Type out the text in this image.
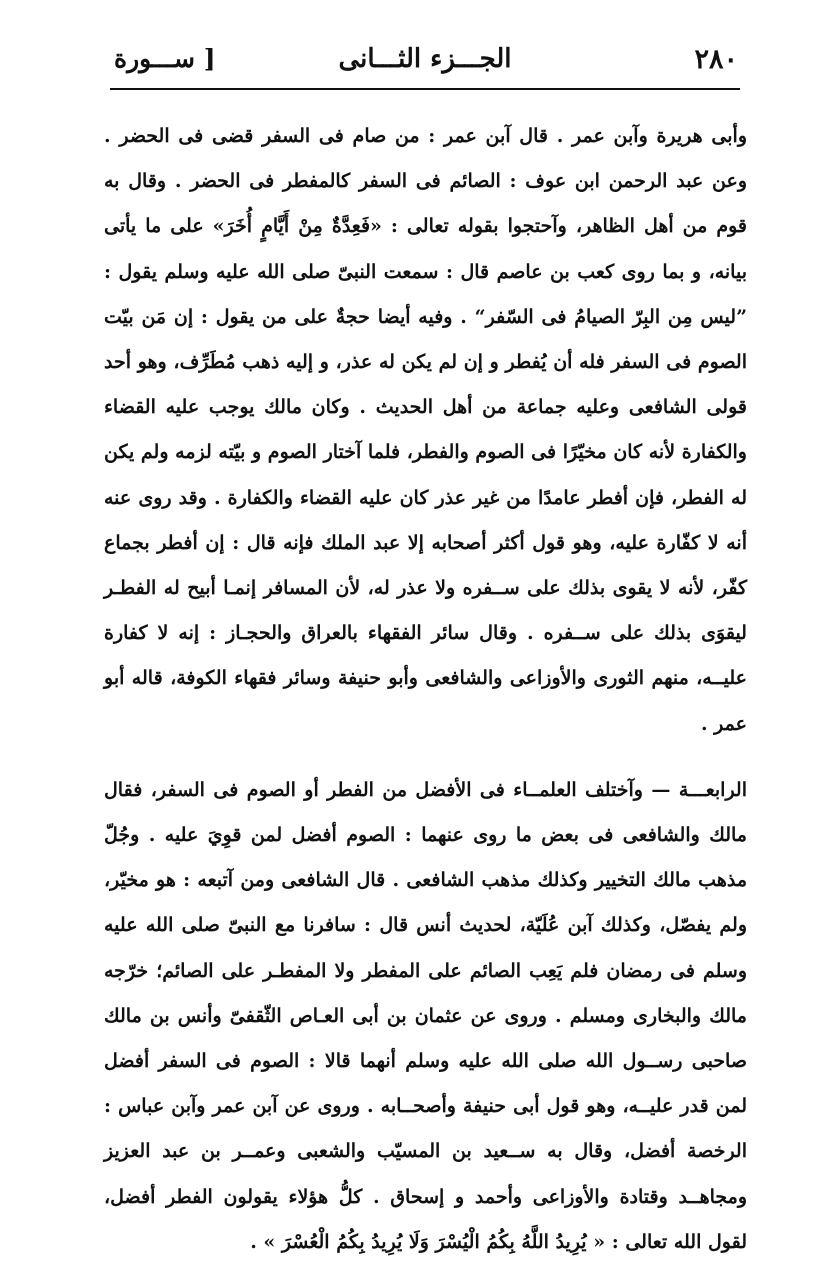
٢٨٠
الجـــزء الثـــانى
[ ســـورة

وأبى هريرة وآبن عمر . قال آبن عمر : من صام فى السفر قضى فى الحضر . وعن عبد الرحمن ابن عوف : الصائم فى السفر كالمفطر فى الحضر . وقال به قوم من أهل الظاهر، وآحتجوا بقوله تعالى : «فَعِدَّةٌ مِنْ أَيَّامٍ أُخَرَ» على ما يأتى بيانه، و بما روى كعب بن عاصم قال : سمعت النبىّ صلى الله عليه وسلم يقول : ”ليس مِن البِرّ الصيامُ فى السّفر“ . وفيه أيضا حجةٌ على من يقول : إن مَن بيّت الصوم فى السفر فله أن يُفطر و إن لم يكن له عذر، و إليه ذهب مُطَرِّف، وهو أحد قولى الشافعى وعليه جماعة من أهل الحديث . وكان مالك يوجب عليه القضاء والكفارة لأنه كان مخيّرًا فى الصوم والفطر، فلما آختار الصوم و بيّته لزمه ولم يكن له الفطر، فإن أفطر عامدًا من غير عذر كان عليه القضاء والكفارة . وقد روى عنه أنه لا كفّارة عليه، وهو قول أكثر أصحابه إلا عبد الملك فإنه قال : إن أفطر بجماع كفّر، لأنه لا يقوى بذلك على ســفره ولا عذر له، لأن المسافر إنمـا أبيح له الفطـر ليقوَى بذلك على ســفره . وقال سائر الفقهاء بالعراق والحجـاز : إنه لا كفارة عليــه، منهم الثورى والأوزاعى والشافعى وأبو حنيفة وسائر فقهاء الكوفة، قاله أبو عمر .

الرابعـــة — وآختلف العلمــاء فى الأفضل من الفطر أو الصوم فى السفر، فقال مالك والشافعى فى بعض ما روى عنهما : الصوم أفضل لمن قوِيَ عليه . وجُلّ مذهب مالك التخيير وكذلك مذهب الشافعى . قال الشافعى ومن آتبعه : هو مخيّر، ولم يفصّل، وكذلك آبن عُلَيّة، لحديث أنس قال : سافرنا مع النبىّ صلى الله عليه وسلم فى رمضان فلم يَعِب الصائم على المفطر ولا المفطـر على الصائم؛ خرّجه مالك والبخارى ومسلم . وروى عن عثمان بن أبى العـاص الثّقفىّ وأنس بن مالك صاحبى رســول الله صلى الله عليه وسلم أنهما قالا : الصوم فى السفر أفضل لمن قدر عليــه، وهو قول أبى حنيفة وأصحــابه . وروى عن آبن عمر وآبن عباس : الرخصة أفضل، وقال به ســعيد بن المسيّب والشعبى وعمــر بن عبد العزيز ومجاهــد وقتادة والأوزاعى وأحمد و إسحاق . كلُّ هؤلاء يقولون الفطر أفضل، لقول الله تعالى : « يُرِيدُ اللَّهُ بِكُمُ الْيُسْرَ وَلَا يُرِيدُ بِكُمُ الْعُسْرَ » .
